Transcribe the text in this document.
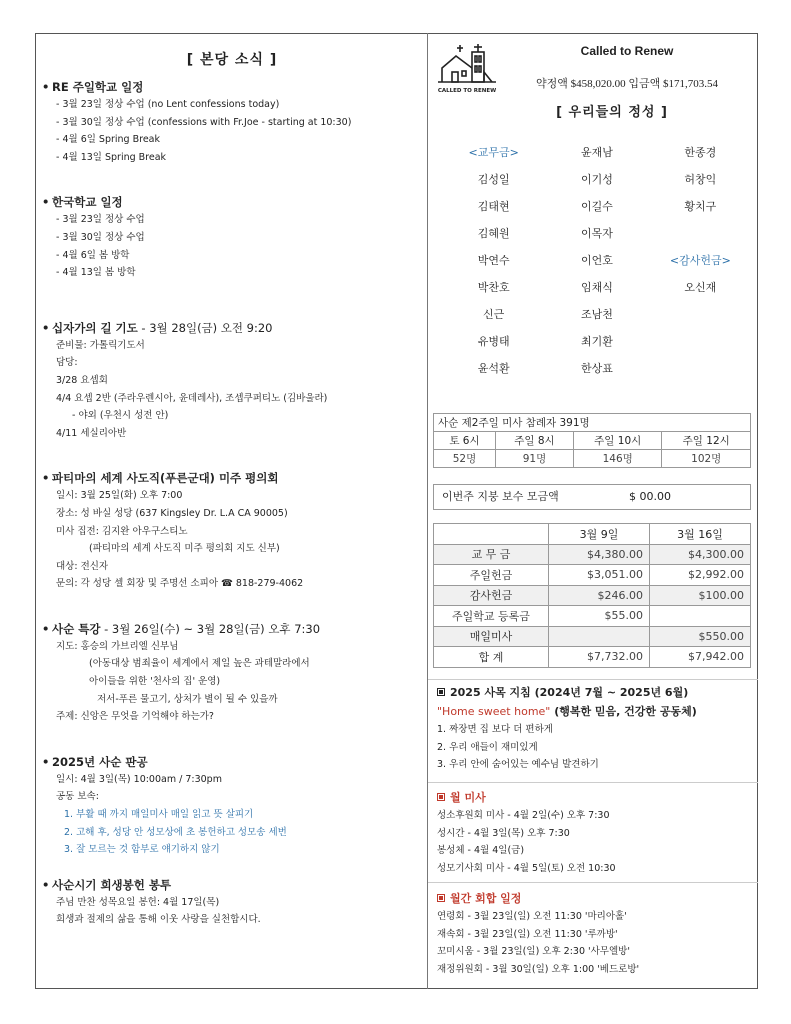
[ 본당 소식 ]
• RE 주일학교 일정
- 3월 23일 정상 수업 (no Lent confessions today)
- 3월 30일 정상 수업 (confessions with Fr.Joe - starting at 10:30)
- 4월 6일 Spring Break
- 4월 13일 Spring Break
• 한국학교 일정
- 3월 23일 정상 수업
- 3월 30일 정상 수업
- 4월 6일 봄 방학
- 4월 13일 봄 방학
• 십자가의 길 기도 - 3월 28일(금) 오전 9:20
준비물: 가톨릭기도서
담당:
3/28 요셉회
4/4 요셉 2반 (주라우렌시아, 윤데레사), 조셉쿠퍼티노 (김바울라)
- 야외 (우천시 성전 안)
4/11 세실리아반
• 파티마의 세계 사도직(푸른군대) 미주 평의회
일시: 3월 25일(화) 오후 7:00
장소: 성 바실 성당 (637 Kingsley Dr. L.A CA 90005)
미사 집전: 김지완 아우구스티노
(파티마의 세계 사도직 미주 평의회 지도 신부)
대상: 전신자
문의: 각 성당 셀 회장 및 주명선 소피아 ☎ 818-279-4062
• 사순 특강 - 3월 26일(수) ~ 3월 28일(금) 오후 7:30
지도: 홍승의 가브리엘 신부님
(아동대상 범죄율이 세계에서 제일 높은 과테말라에서
아이들을 위한 '천사의 집' 운영)
저서-푸른 물고기, 상처가 별이 될 수 있을까
주제: 신앙은 무엇을 기억해야 하는가?
• 2025년 사순 판공
일시: 4월 3일(목) 10:00am / 7:30pm
공동 보속:
1. 부활 때 까지 매일미사 매일 읽고 뜻 살피기
2. 고해 후, 성당 안 성모상에 초 봉헌하고 성모송 세번
3. 잘 모르는 것 함부로 얘기하지 않기
• 사순시기 희생봉헌 봉투
주님 만찬 성목요일 봉헌: 4월 17일(목)
희생과 절제의 삶을 통해 이웃 사랑을 실천합시다.
CALLED TO RENEW
Called to Renew
약정액 $458,020.00 입금액 $171,703.54
[ 우리들의 정성 ]
<교무금>	윤재남	한종경
김성일	이기성	허창익
김태현	이길수	황치구
김혜원	이목자	
박연수	이언호	<감사헌금>
박찬호	임채식	오신재
신근	조남천	
유병태	최기환	
윤석환	한상표	
사순 제2주일 미사 참례자 391명			
토 6시	주일 8시	주일 10시	주일 12시
52명	91명	146명	102명
이번주 지붕 보수 모금액	$ 00.00
	3월 9일	3월 16일
교 무 금	$4,380.00	$4,300.00
주일헌금	$3,051.00	$2,992.00
감사헌금	$246.00	$100.00
주일학교 등록금	$55.00	
매일미사		$550.00
합 계	$7,732.00	$7,942.00
2025 사목 지침 (2024년 7월 ~ 2025년 6월)
"Home sweet home" (행복한 믿음, 건강한 공동체)
1. 짜장면 집 보다 더 편하게
2. 우리 애들이 재미있게
3. 우리 안에 숨어있는 예수님 발견하기
월 미사
성소후원회 미사 - 4월 2일(수) 오후 7:30
성시간 - 4월 3일(목) 오후 7:30
봉성체 - 4월 4일(금)
성모기사회 미사 - 4월 5일(토) 오전 10:30
월간 회합 일정
연령회 - 3월 23일(일) 오전 11:30 '마리아홀'
재속회 - 3월 23일(일) 오전 11:30 '루까방'
꼬미시움 - 3월 23일(일) 오후 2:30 '사무엘방'
재정위원회 - 3월 30일(일) 오후 1:00 '베드로방'
